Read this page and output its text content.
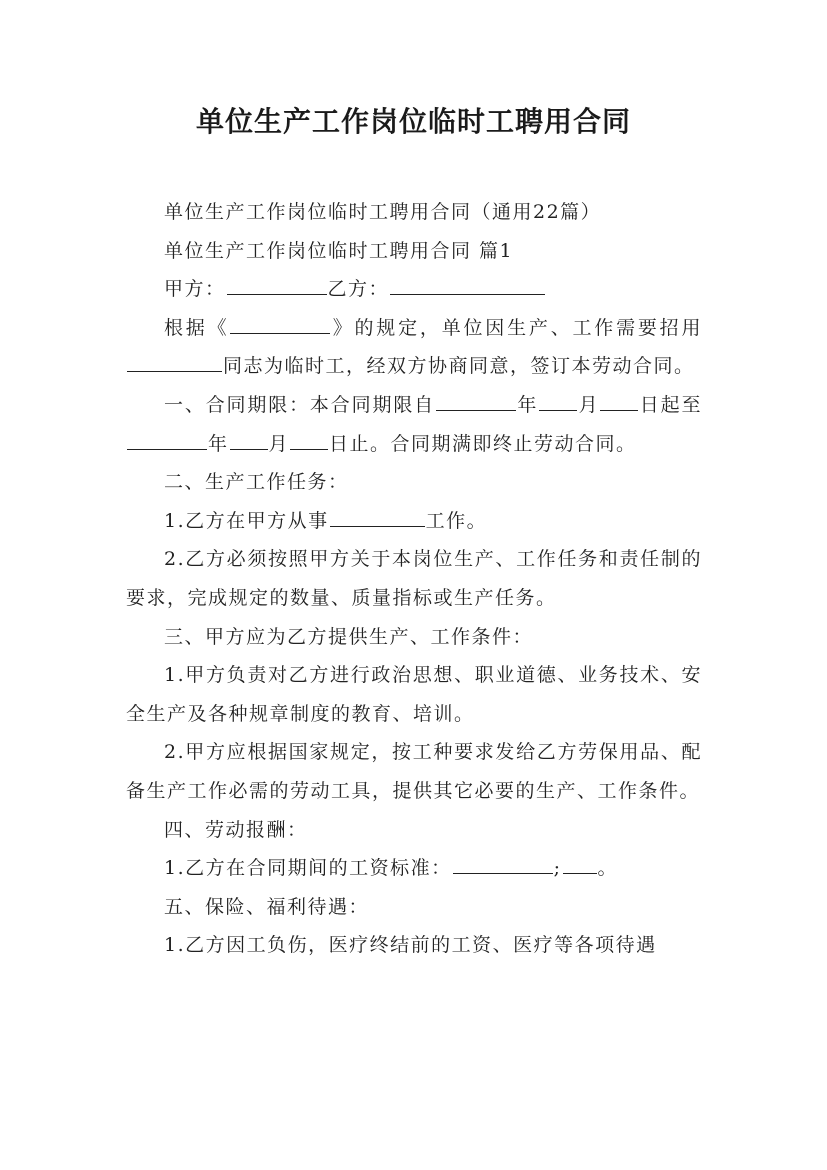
单位生产工作岗位临时工聘用合同

单位生产工作岗位临时工聘用合同（通用22篇）

单位生产工作岗位临时工聘用合同 篇1

甲方：	乙方：

根据《	》的规定，单位因生产、工作需要招用同志为临时工，经双方协商同意，签订本劳动合同。

一、合同期限：本合同期限自	年 月 日起至年 月 日止。合同期满即终止劳动合同。

二、生产工作任务：

1.乙方在甲方从事	工作。

2.乙方必须按照甲方关于本岗位生产、工作任务和责任制的要求，完成规定的数量、质量指标或生产任务。

三、甲方应为乙方提供生产、工作条件：

1.甲方负责对乙方进行政治思想、职业道德、业务技术、安全生产及各种规章制度的教育、培训。

2.甲方应根据国家规定，按工种要求发给乙方劳保用品、配备生产工作必需的劳动工具，提供其它必要的生产、工作条件。

四、劳动报酬：

1.乙方在合同期间的工资标准：	; 。

五、保险、福利待遇：

1.乙方因工负伤，医疗终结前的工资、医疗等各项待遇
